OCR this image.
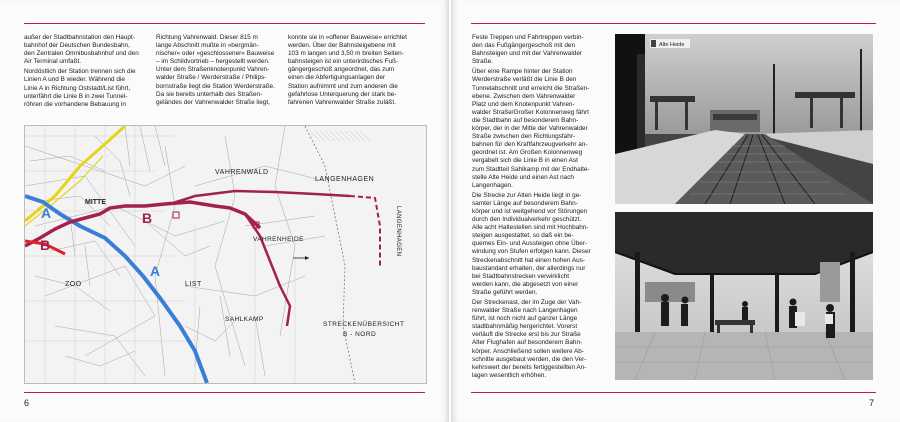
außer der Stadtbahnstation den Haupt-
bahnhof der Deutschen Bundesbahn,
den Zentralen Omnibusbahnhof und den
Air Terminal umfaßt.

Nordöstlich der Station trennen sich die
Linien A und B wieder. Während die
Linie A in Richtung Oststadt/List führt,
unterfährt die Linie B in zwei Tunnel-
röhren die vorhandene Bebauung in

Richtung Vahrenwald. Dieser 815 m
lange Abschnitt mußte in »bergmän-
nischer« oder »geschlossener« Bauweise
– im Schildvortrieb – hergestellt werden.
Unter dem Straßenknotenpunkt Vahren-
walder Straße / Werderstraße / Philips-
bornstraße liegt die Station Werderstraße.
Da sie bereits unterhalb des Straßen-
geländes der Vahrenwalder Straße liegt,

konnte sie in »offener Bauweise« errichtet
werden. Über der Bahnsteigebene mit
103 m langen und 3,50 m breiten Seiten-
bahnsteigen ist ein unterirdisches Fuß-
gängergeschoß angeordnet, das zum
einen die Abfertigungsanlagen der
Station aufnimmt und zum anderen die
gefahrlose Unterquerung der stark be-
fahrenen Vahrenwalder Straße zuläßt.

VAHRENWALD
LANGENHAGEN
MITTE
VAHRENHEIDE
LIST
ZOO
SAHLKAMP
LANGENHAGEN
STRECKENÜBERSICHT
B - NORD
A
B
B
A
6

Feste Treppen und Fahrtreppen verbin-
den das Fußgängergeschoß mit den
Bahnsteigen und mit der Vahrenwalder
Straße.

Über eine Rampe hinter der Station
Werderstraße verläßt die Linie B den
Tunnelabschnitt und erreicht die Straßen-
ebene. Zwischen dem Vahrenwalder
Platz und dem Knotenpunkt Vahren-
walder Straße/Großer Kolonnenweg fährt
die Stadtbahn auf besonderem Bahn-
körper, der in der Mitte der Vahrenwalder
Straße zwischen den Richtungsfahr-
bahnen für den Kraftfahrzeugverkehr an-
geordnet ist. Am Großen Kolonnenweg
vergabelt sich die Linie B in einen Ast
zum Stadtteil Sahlkamp mit der Endhalte-
stelle Alte Heide und einen Ast nach
Langenhagen.

Die Strecke zur Alten Heide liegt in ge-
samter Länge auf besonderem Bahn-
körper und ist weitgehend vor Störungen
durch den Individualverkehr geschützt.
Alle acht Haltestellen sind mit Hochbahn-
steigen ausgestattet, so daß ein be-
quemes Ein- und Aussteigen ohne Über-
windung von Stufen erfolgen kann. Dieser
Streckenabschnitt hat einen hohen Aus-
baustandard erhalten, der allerdings nur
bei Stadtbahnstrecken verwirklicht
werden kann, die abgesetzt von einer
Straße geführt werden.

Der Streckenast, der im Zuge der Vah-
renwalder Straße nach Langenhagen
führt, ist noch nicht auf ganzer Länge
stadtbahnmäßig hergerichtet. Vorerst
verläuft die Strecke erst bis zur Straße
Alter Flughafen auf besonderem Bahn-
körper. Anschließend sollen weitere Ab-
schnitte ausgebaut werden, die den Ver-
kehrswert der bereits fertiggestellten An-
lagen wesentlich erhöhen.

Alte Heide
7
